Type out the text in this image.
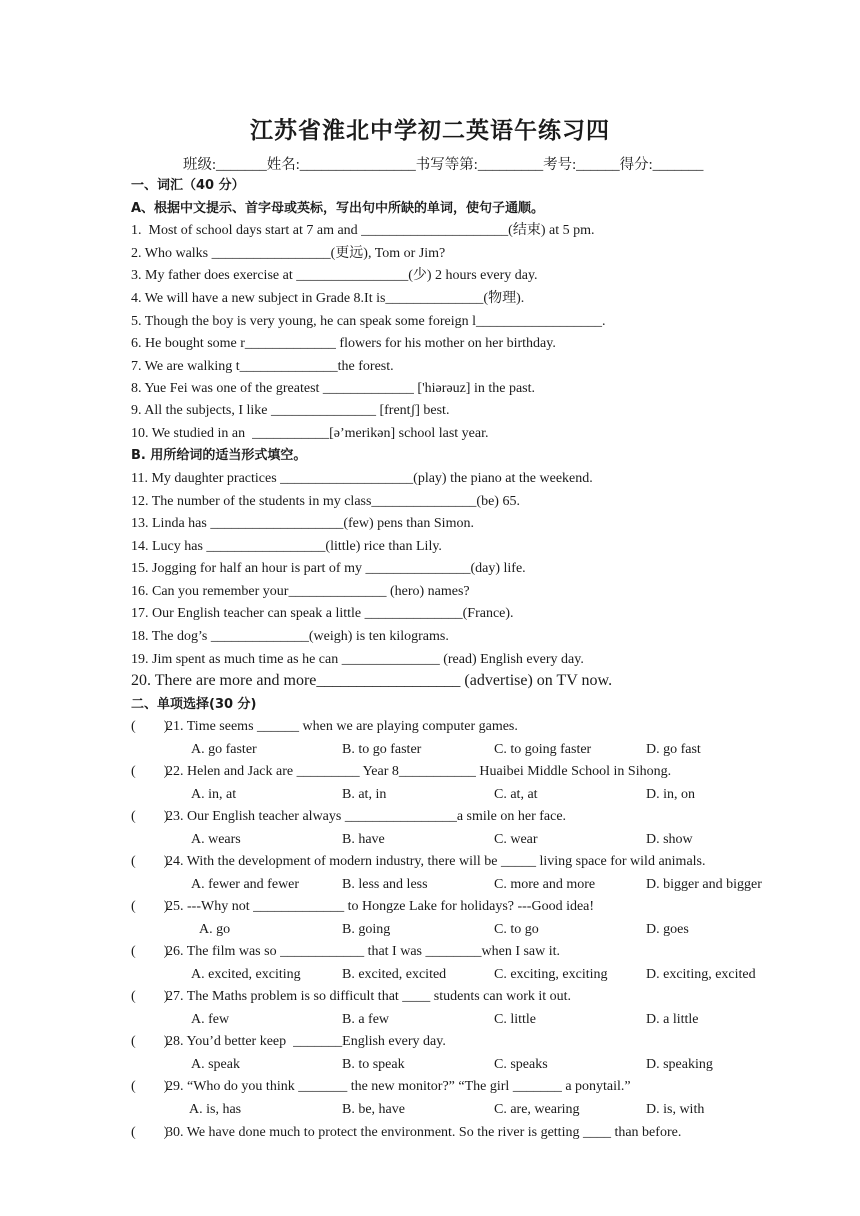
江苏省淮北中学初二英语午练习四
班级:_______姓名:________________书写等第:_________考号:______得分:_______
一、词汇（40 分）
A、根据中文提示、首字母或英标，写出句中所缺的单词，使句子通顺。
1.  Most of school days start at 7 am and _____________________(结束) at 5 pm.
2. Who walks _________________(更远), Tom or Jim?
3. My father does exercise at ________________(少) 2 hours every day.
4. We will have a new subject in Grade 8.It is______________(物理).
5. Though the boy is very young, he can speak some foreign l__________________.
6. He bought some r_____________ flowers for his mother on her birthday.
7. We are walking t______________the forest.
8. Yue Fei was one of the greatest _____________ ['hiərəuz] in the past.
9. All the subjects, I like _______________ [frentʃ] best.
10. We studied in an  ___________[ə’merikən] school last year.
B. 用所给词的适当形式填空。
11. My daughter practices ___________________(play) the piano at the weekend.
12. The number of the students in my class_______________(be) 65.
13. Linda has ___________________(few) pens than Simon.
14. Lucy has _________________(little) rice than Lily.
15. Jogging for half an hour is part of my _______________(day) life.
16. Can you remember your______________ (hero) names?
17. Our English teacher can speak a little ______________(France).
18. The dog’s ______________(weigh) is ten kilograms.
19. Jim spent as much time as he can ______________ (read) English every day.
20. There are more and more__________________ (advertise) on TV now.
二、单项选择(30 分)
(        )
21. Time seems ______ when we are playing computer games.
A. go faster	B. to go faster	C. to going faster	D. go fast
(        )
22. Helen and Jack are _________ Year 8___________ Huaibei Middle School in Sihong.
A. in, at	B. at, in	C. at, at	D. in, on
(        )
23. Our English teacher always ________________a smile on her face.
A. wears	B. have	C. wear	D. show
(        )
24. With the development of modern industry, there will be _____ living space for wild animals.
A. fewer and fewer	B. less and less	C. more and more	D. bigger and bigger
(        )
25. ---Why not _____________ to Hongze Lake for holidays? ---Good idea!
A. go	B. going	C. to go	D. goes
(        )
26. The film was so ____________ that I was ________when I saw it.
A. excited, exciting	B. excited, excited	C. exciting, exciting	D. exciting, excited
(        )
27. The Maths problem is so difficult that ____ students can work it out.
A. few	B. a few	C. little	D. a little
(        )
28. You’d better keep  _______English every day.
A. speak	B. to speak	C. speaks	D. speaking
(        )
29. “Who do you think _______ the new monitor?” “The girl _______ a ponytail.”
A. is, has	B. be, have	C. are, wearing	D. is, with
(        )
30. We have done much to protect the environment. So the river is getting ____ than before.
